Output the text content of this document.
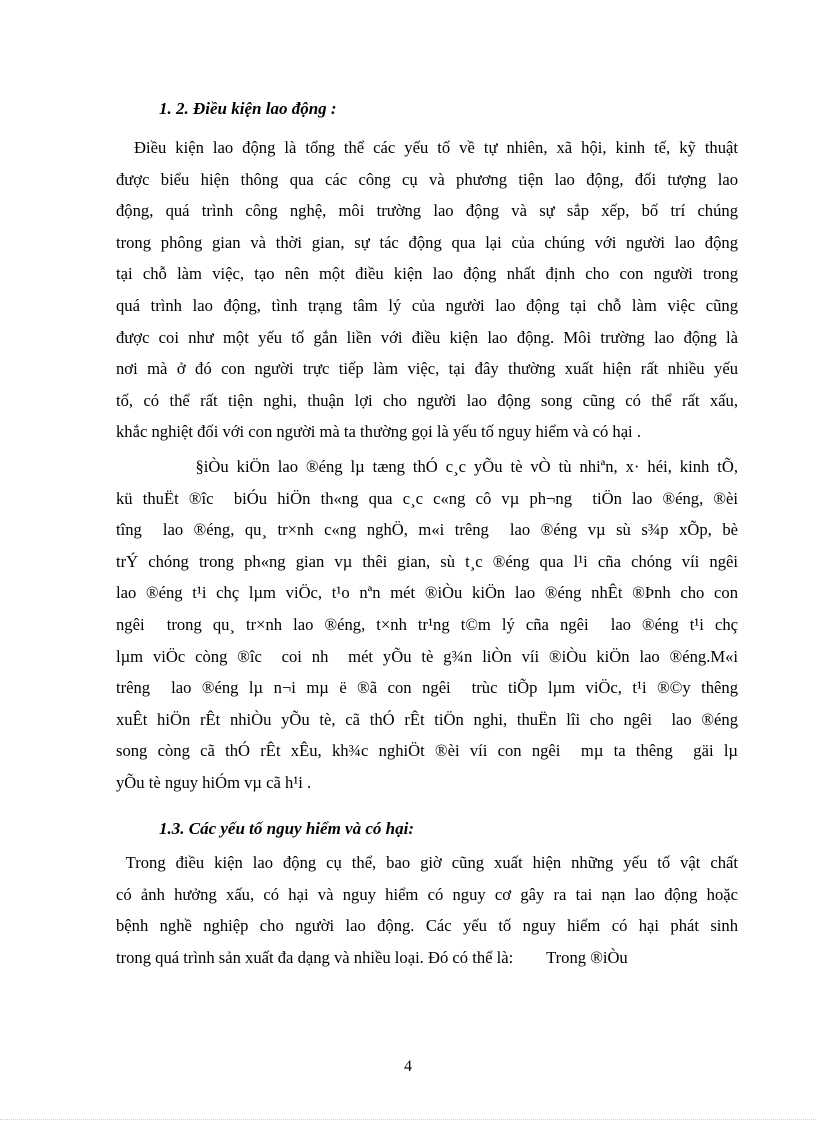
1. 2. Điều kiện lao động :
Điều kiện lao động là tổng thể các yếu tố về tự nhiên, xã hội, kinh tế, kỹ thuật
được biểu hiện thông qua các công cụ và phương tiện lao động, đối tượng lao
động, quá trình công nghệ, môi trường lao động và sự sắp xếp, bố trí chúng
trong phông gian và thời gian, sự tác động qua lại của chúng với người lao động
tại chỗ làm việc, tạo nên một điều kiện lao động nhất định cho con người trong
quá trình lao động, tình trạng tâm lý của người lao động tại chỗ làm việc cũng
được coi như một yếu tố gắn liền với điều kiện lao động. Môi trường lao động là
nơi mà ở đó con người trực tiếp làm việc, tại đây thường xuất hiện rất nhiều yếu
tố, có thể rất tiện nghi, thuận lợi cho người lao động song cũng có thể rất xấu,
khắc nghiệt đối với con người mà ta thường gọi là yếu tố nguy hiểm và có hại .
§iÒu kiÖn lao ®éng lµ tæng thÓ c¸c yÕu tè vÒ tù nhiªn, x· héi, kinh tÕ,
kü thuËt ®îc  biÓu hiÖn th«ng qua c¸c c«ng cô vµ ph¬ng  tiÖn lao ®éng, ®èi
tîng  lao ®éng, qu¸ tr×nh c«ng nghÖ, m«i trêng  lao ®éng vµ sù s¾p xÕp, bè
trÝ chóng trong ph«ng gian vµ thêi gian, sù t¸c ®éng qua l¹i cña chóng víi ngêi
lao ®éng t¹i chç lµm viÖc, t¹o nªn mét ®iÒu kiÖn lao ®éng nhÊt ®Þnh cho con
ngêi  trong qu¸ tr×nh lao ®éng, t×nh tr¹ng t©m lý cña ngêi  lao ®éng t¹i chç
lµm viÖc còng ®îc  coi nh  mét yÕu tè g¾n liÒn víi ®iÒu kiÖn lao ®éng.M«i
trêng  lao ®éng lµ n¬i mµ ë ®ã con ngêi  trùc tiÕp lµm viÖc, t¹i ®©y thêng
xuÊt hiÖn rÊt nhiÒu yÕu tè, cã thÓ rÊt tiÖn nghi, thuËn lîi cho ngêi  lao ®éng
song còng cã thÓ rÊt xÊu, kh¾c nghiÖt ®èi víi con ngêi  mµ ta thêng  gäi lµ
yÕu tè nguy hiÓm vµ cã h¹i .
1.3. Các yếu tố nguy hiểm và có hại:
Trong điều kiện lao động cụ thể, bao giờ cũng xuất hiện những yếu tố vật chất
có ảnh hưởng xấu, có hại và nguy hiểm có nguy cơ gây ra tai nạn lao động hoặc
bệnh nghề nghiệp cho người lao động. Các yếu tố nguy hiểm có hại phát sinh
trong quá trình sản xuất đa dạng và nhiều loại. Đó có thể là:        Trong ®iÒu
4
